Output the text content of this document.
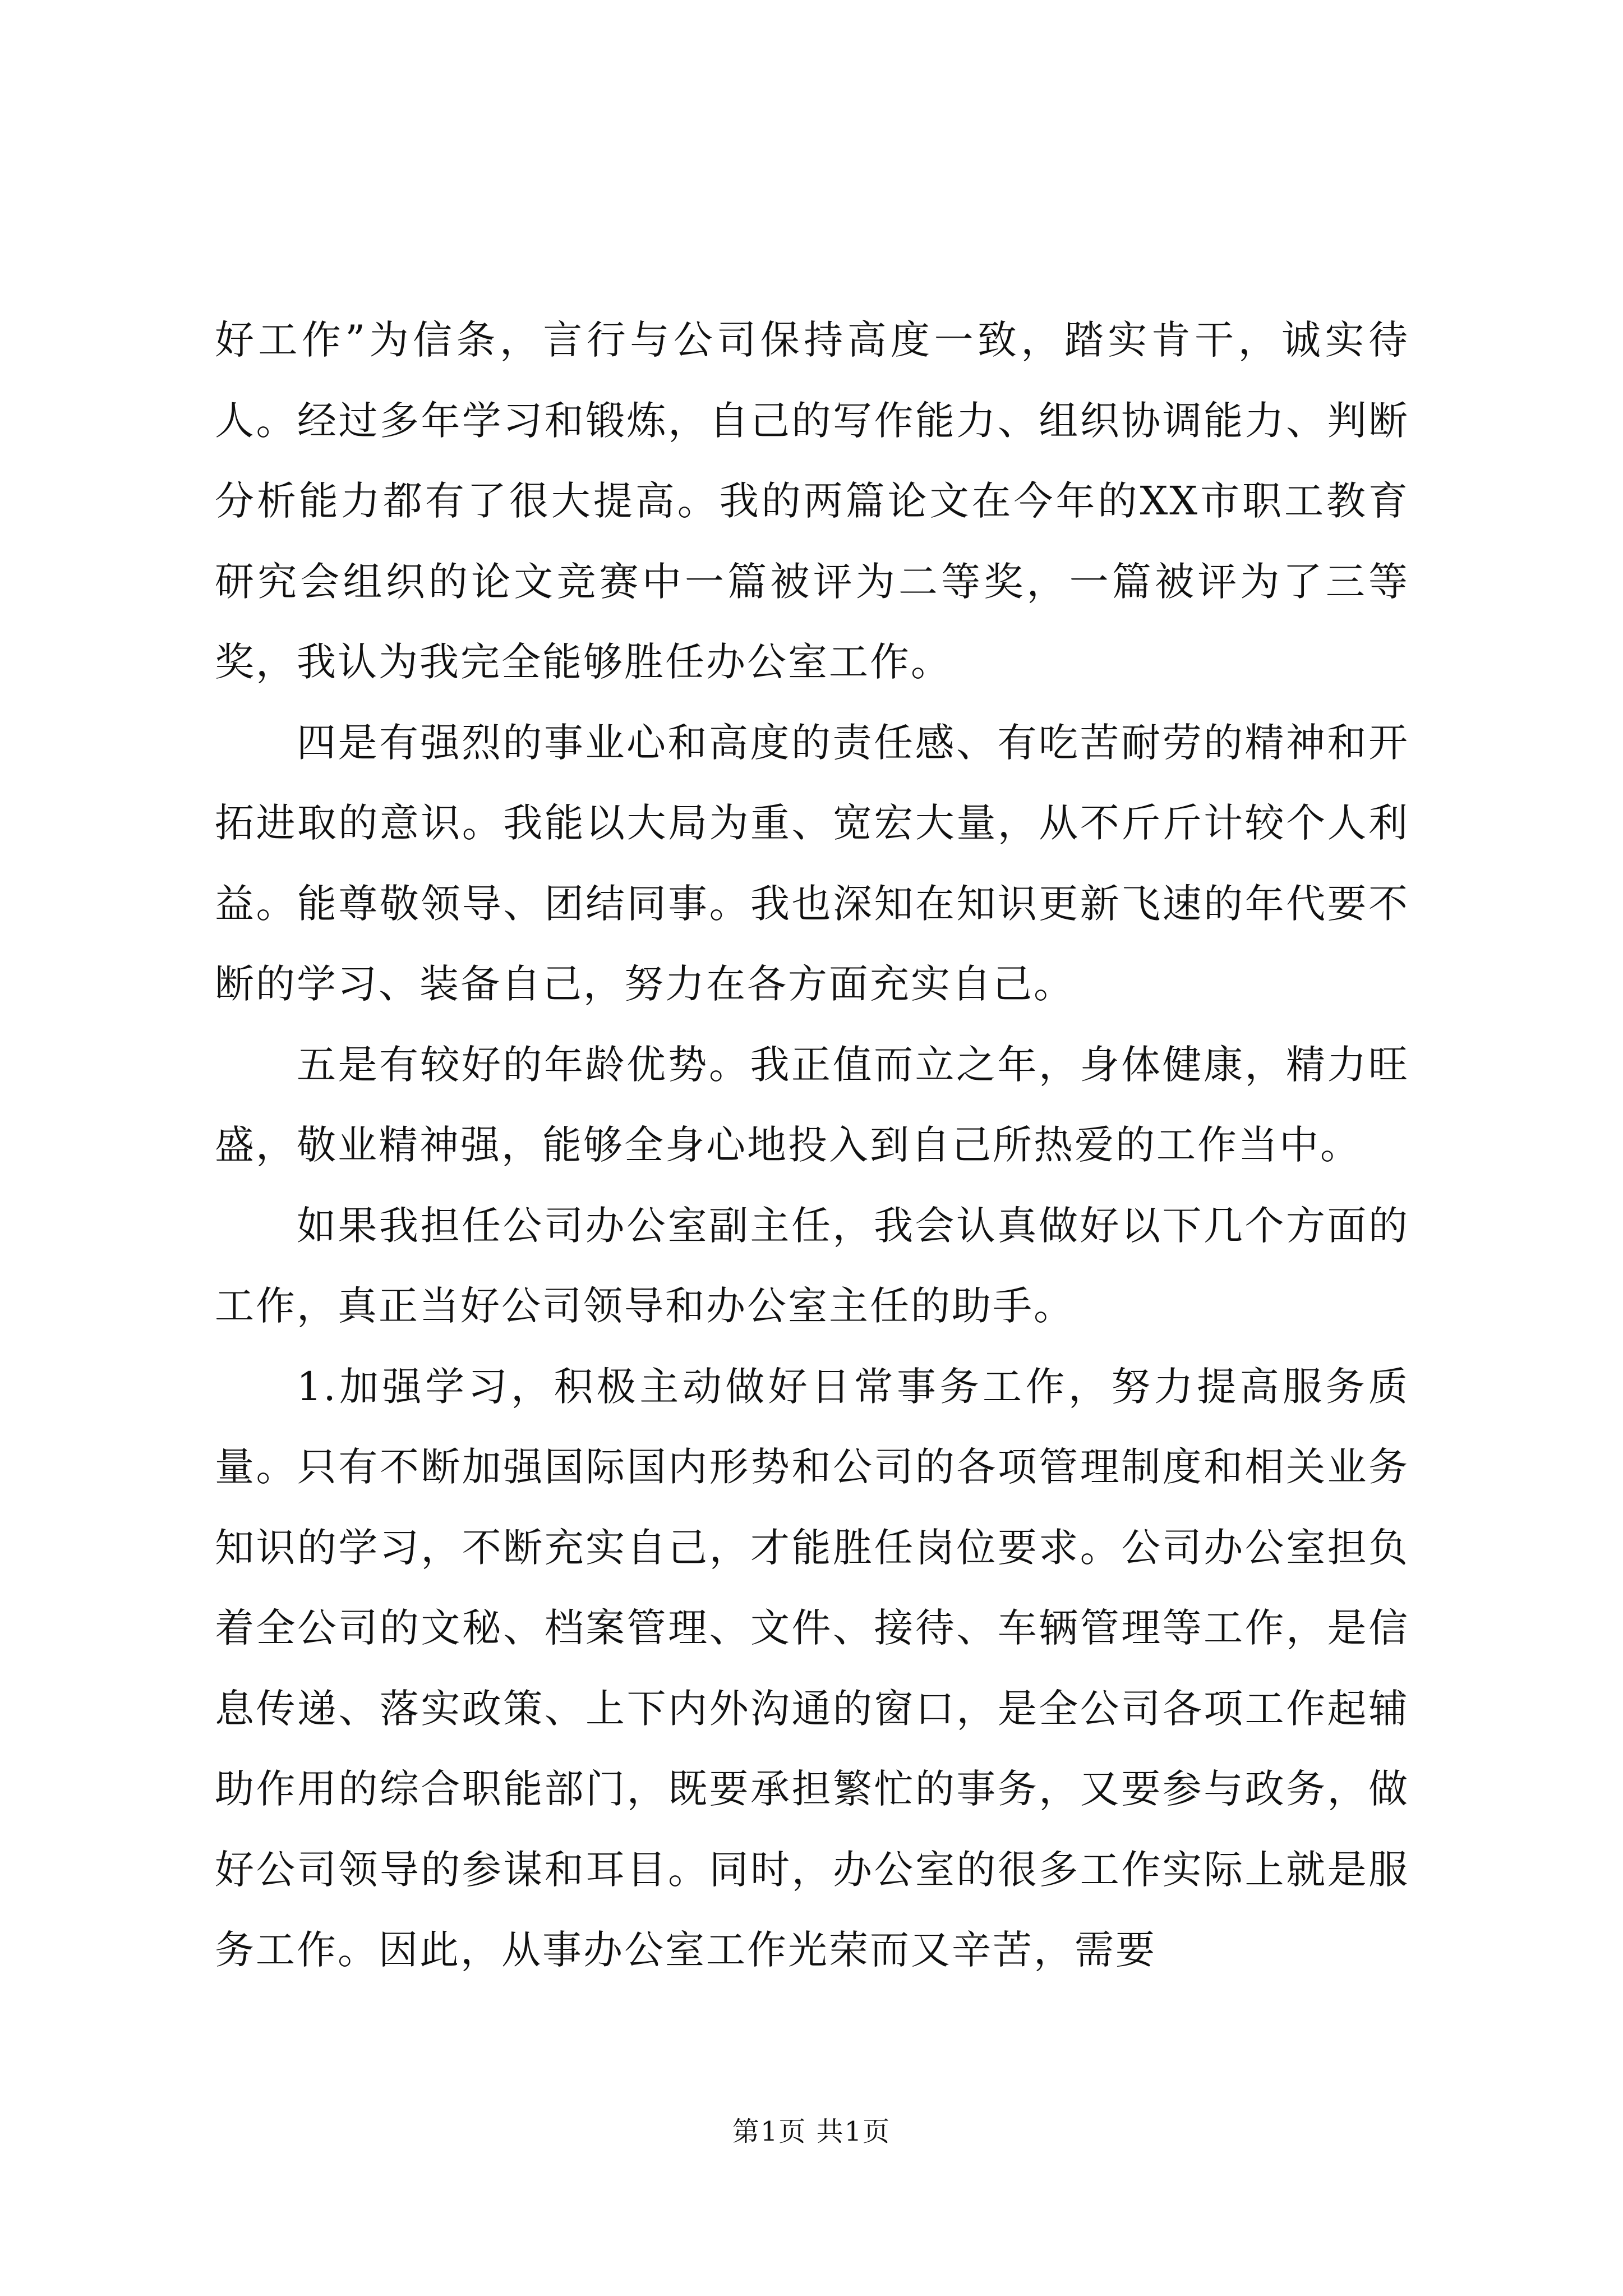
好工作”为信条，言行与公司保持高度一致，踏实肯干，诚实待人。经过多年学习和锻炼，自己的写作能力、组织协调能力、判断分析能力都有了很大提高。我的两篇论文在今年的XX市职工教育研究会组织的论文竞赛中一篇被评为二等奖，一篇被评为了三等奖，我认为我完全能够胜任办公室工作。

四是有强烈的事业心和高度的责任感、有吃苦耐劳的精神和开拓进取的意识。我能以大局为重、宽宏大量，从不斤斤计较个人利益。能尊敬领导、团结同事。我也深知在知识更新飞速的年代要不断的学习、装备自己，努力在各方面充实自己。

五是有较好的年龄优势。我正值而立之年，身体健康，精力旺盛，敬业精神强，能够全身心地投入到自己所热爱的工作当中。

如果我担任公司办公室副主任，我会认真做好以下几个方面的工作，真正当好公司领导和办公室主任的助手。

1.加强学习，积极主动做好日常事务工作，努力提高服务质量。只有不断加强国际国内形势和公司的各项管理制度和相关业务知识的学习，不断充实自己，才能胜任岗位要求。公司办公室担负着全公司的文秘、档案管理、文件、接待、车辆管理等工作，是信息传递、落实政策、上下内外沟通的窗口，是全公司各项工作起辅助作用的综合职能部门，既要承担繁忙的事务，又要参与政务，做好公司领导的参谋和耳目。同时，办公室的很多工作实际上就是服务工作。因此，从事办公室工作光荣而又辛苦，需要

第1页 共1页
